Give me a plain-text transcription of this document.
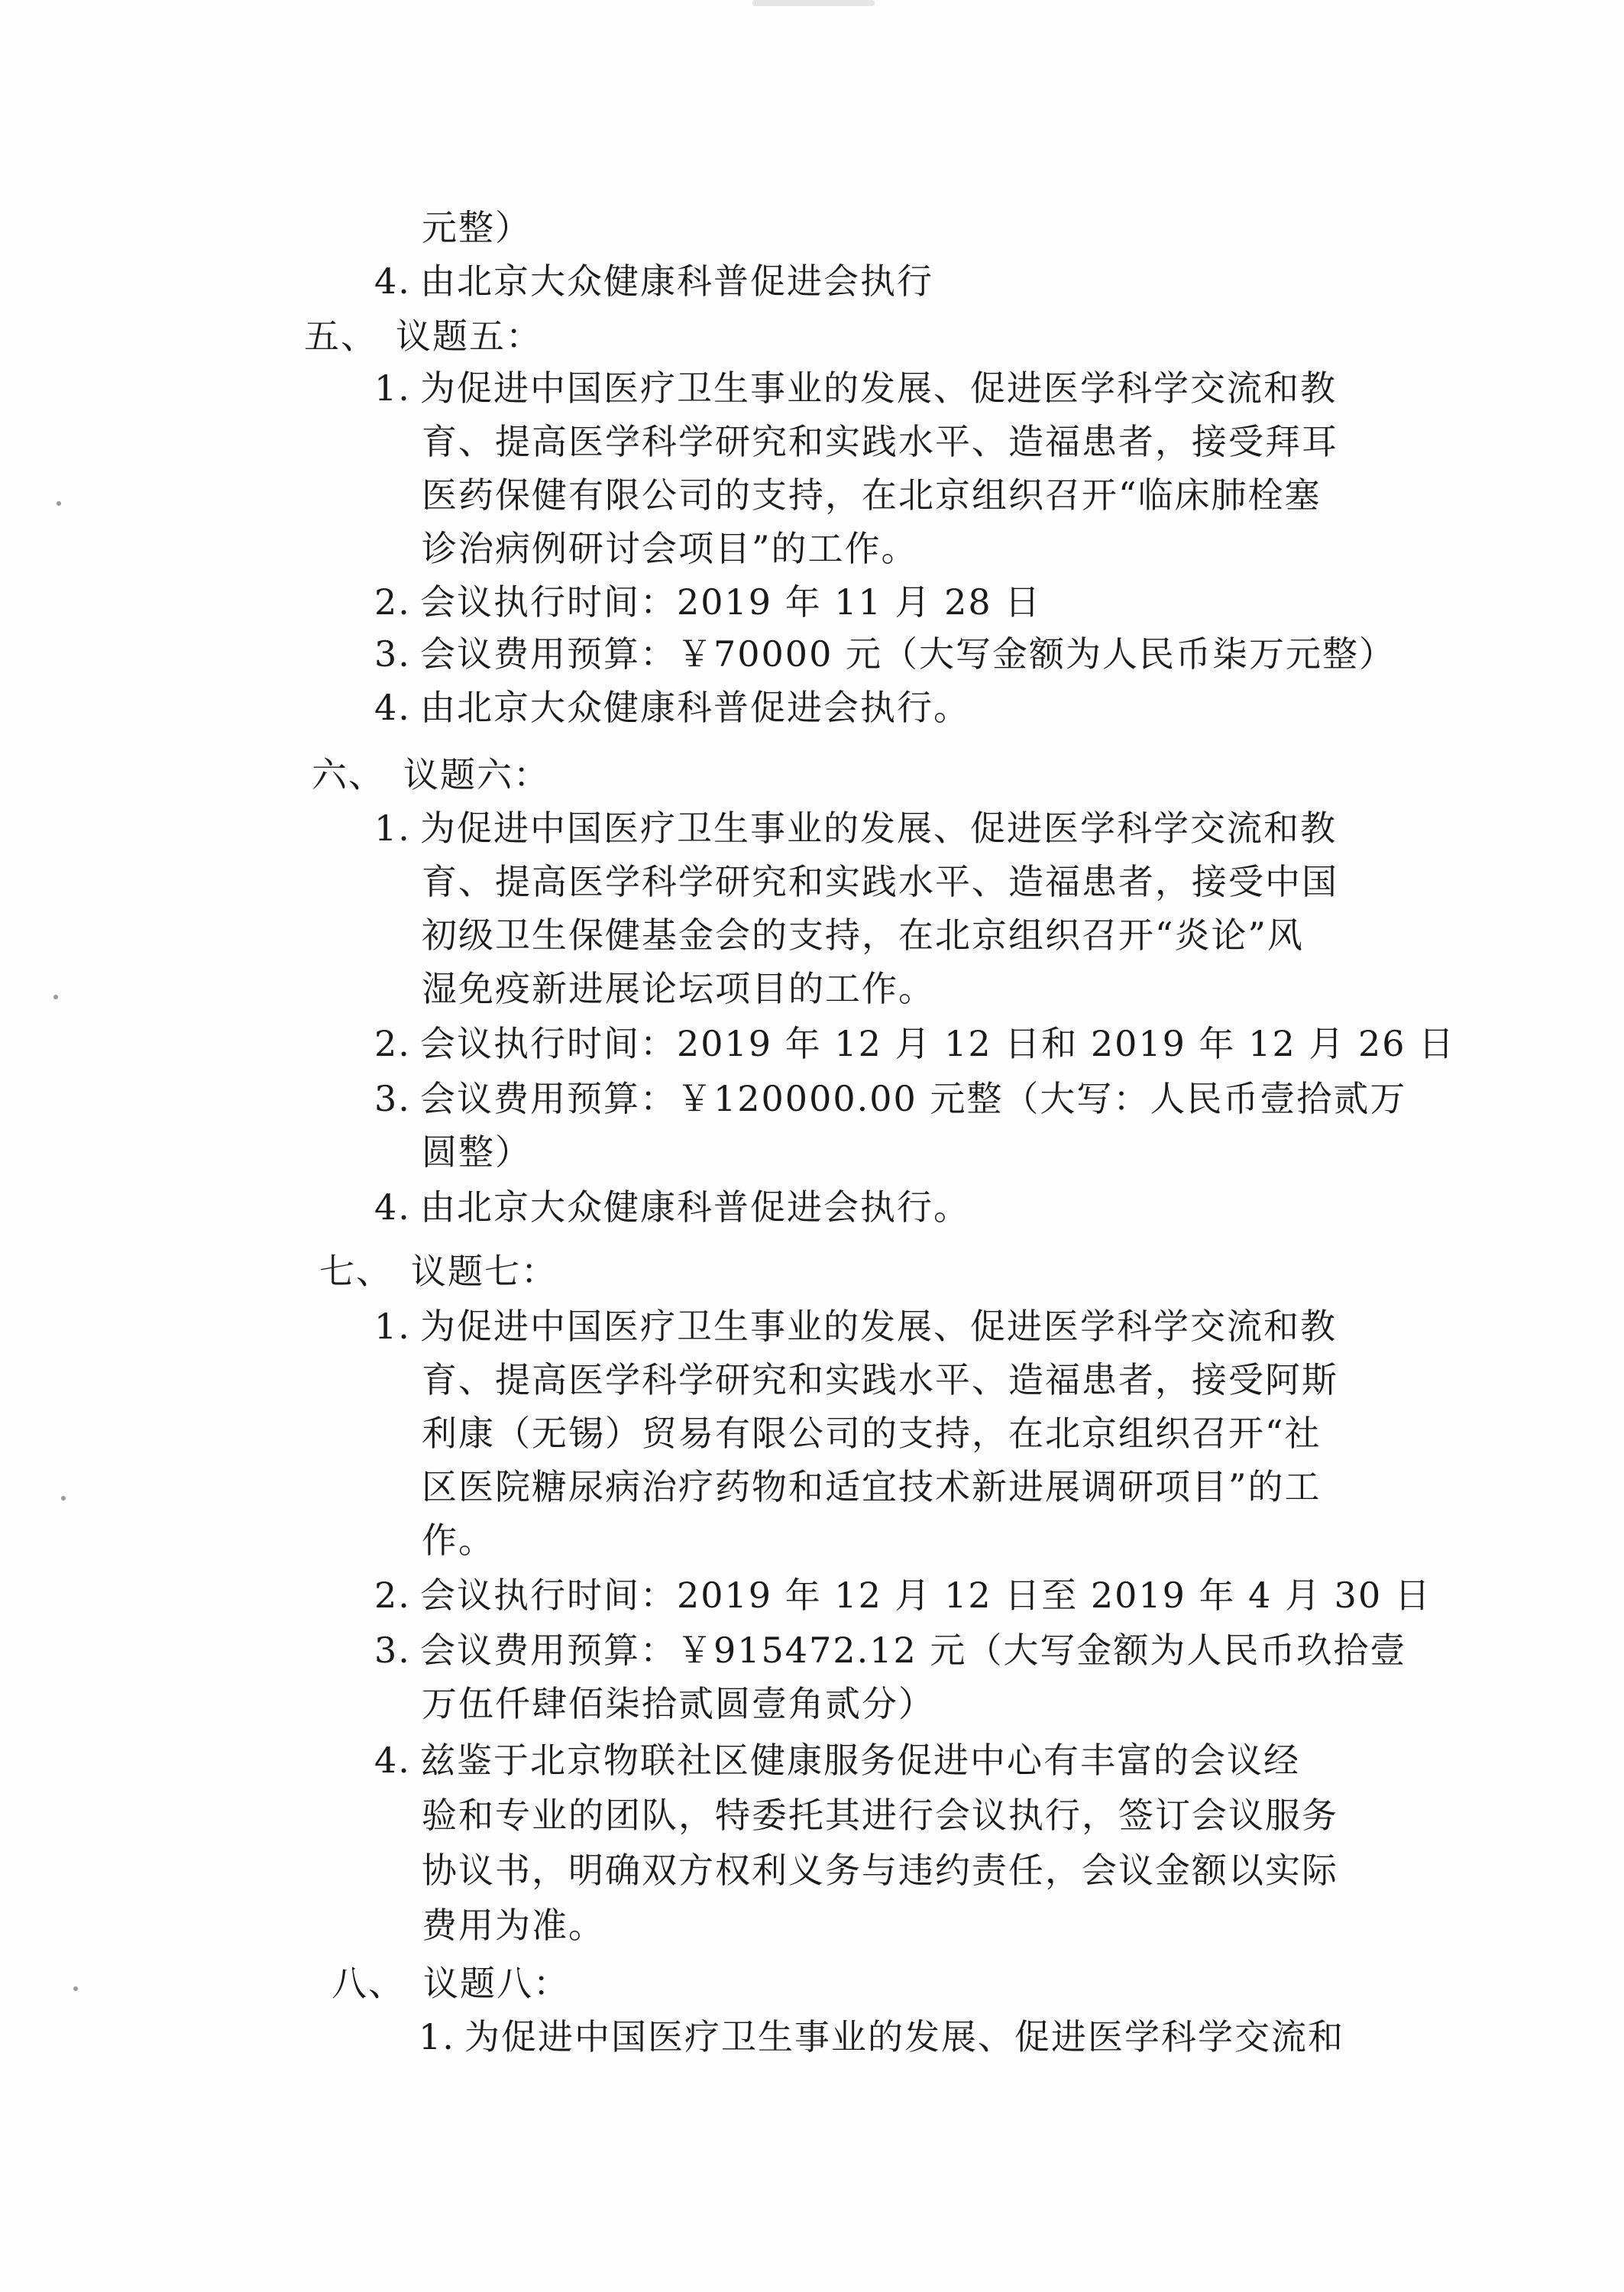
元整）
4. 由北京大众健康科普促进会执行
五、 议题五：
1. 为促进中国医疗卫生事业的发展、促进医学科学交流和教
育、提高医学科学研究和实践水平、造福患者，接受拜耳
医药保健有限公司的支持，在北京组织召开“临床肺栓塞
诊治病例研讨会项目”的工作。
2. 会议执行时间：2019 年 11 月 28 日
3. 会议费用预算：￥70000 元（大写金额为人民币柒万元整）
4. 由北京大众健康科普促进会执行。
六、 议题六：
1. 为促进中国医疗卫生事业的发展、促进医学科学交流和教
育、提高医学科学研究和实践水平、造福患者，接受中国
初级卫生保健基金会的支持，在北京组织召开“炎论”风
湿免疫新进展论坛项目的工作。
2. 会议执行时间：2019 年 12 月 12 日和 2019 年 12 月 26 日
3. 会议费用预算：￥120000.00 元整（大写：人民币壹拾贰万
圆整）
4. 由北京大众健康科普促进会执行。
七、 议题七：
1. 为促进中国医疗卫生事业的发展、促进医学科学交流和教
育、提高医学科学研究和实践水平、造福患者，接受阿斯
利康（无锡）贸易有限公司的支持，在北京组织召开“社
区医院糖尿病治疗药物和适宜技术新进展调研项目”的工
作。
2. 会议执行时间：2019 年 12 月 12 日至 2019 年 4 月 30 日
3. 会议费用预算：￥915472.12 元（大写金额为人民币玖拾壹
万伍仟肆佰柒拾贰圆壹角贰分）
4. 兹鉴于北京物联社区健康服务促进中心有丰富的会议经
验和专业的团队，特委托其进行会议执行，签订会议服务
协议书，明确双方权利义务与违约责任，会议金额以实际
费用为准。
八、 议题八：
1. 为促进中国医疗卫生事业的发展、促进医学科学交流和
